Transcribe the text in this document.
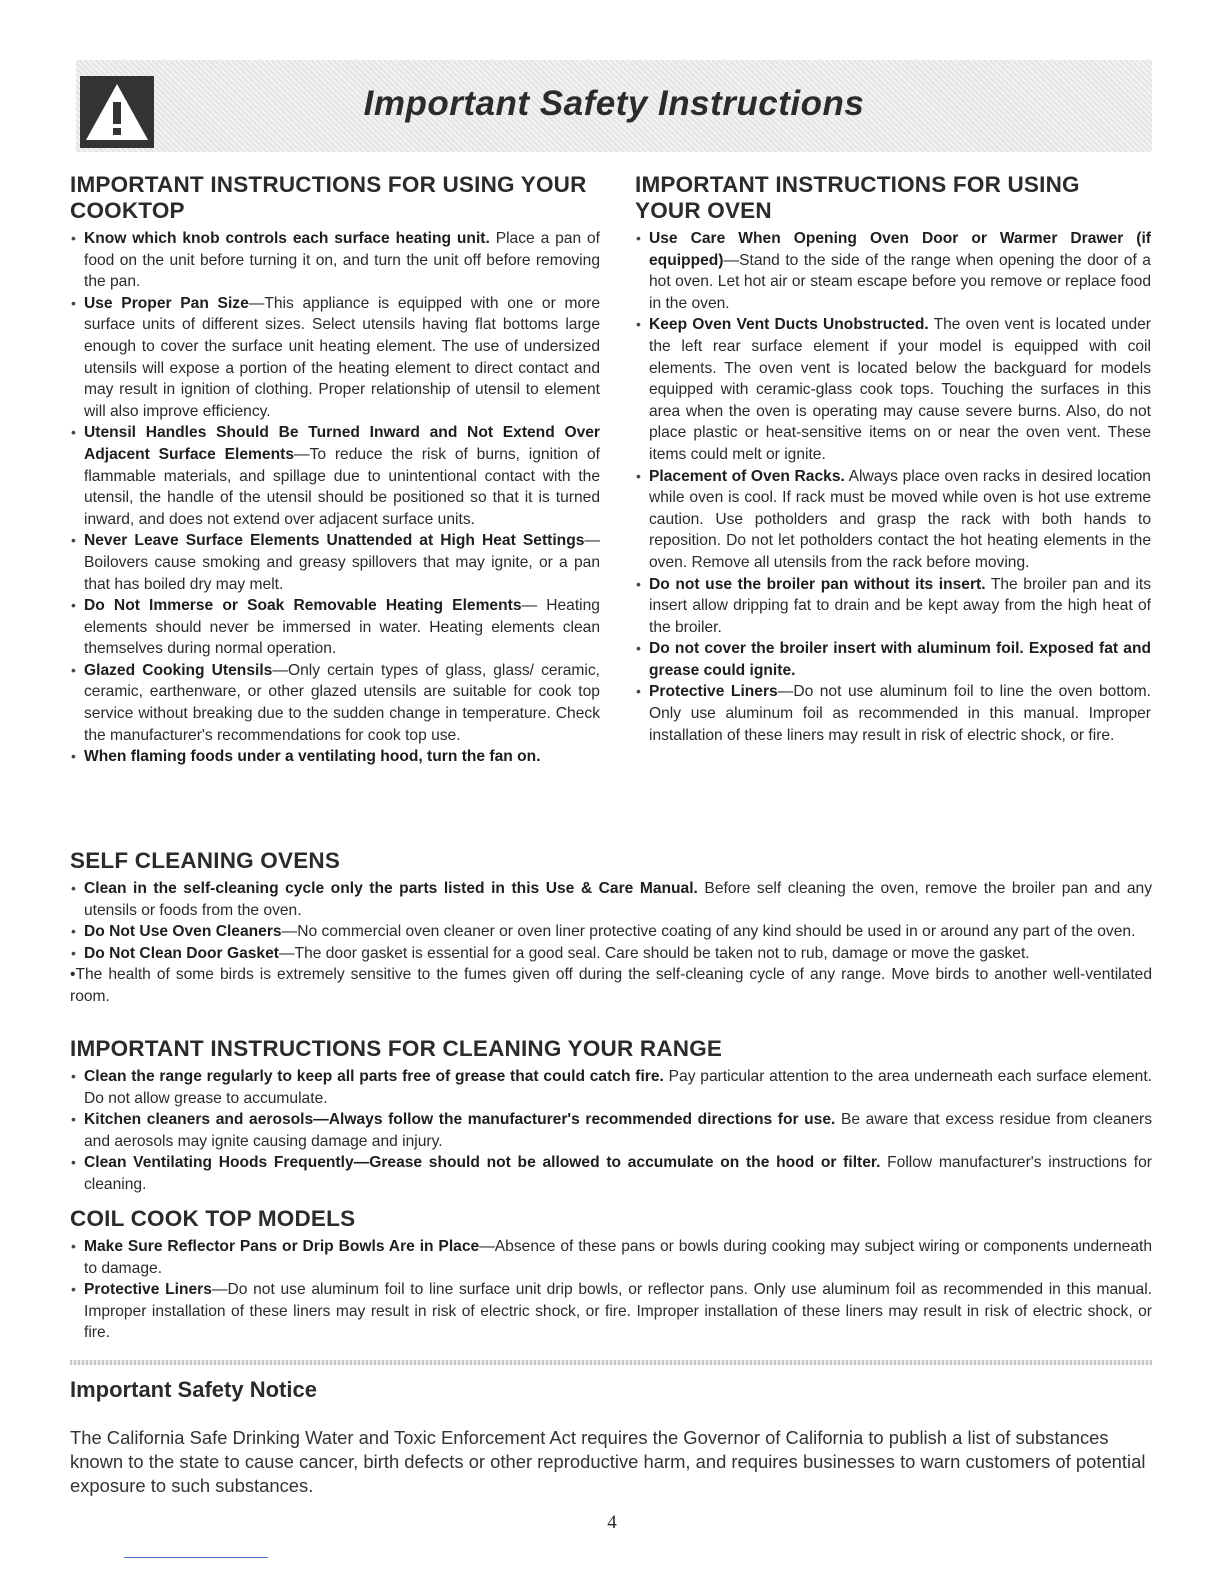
Important Safety Instructions
IMPORTANT INSTRUCTIONS FOR USING YOUR COOKTOP
• Know which knob controls each surface heating unit. Place a pan of food on the unit before turning it on, and turn the unit off before removing the pan.
• Use Proper Pan Size—This appliance is equipped with one or more surface units of different sizes. Select utensils having flat bottoms large enough to cover the surface unit heating element. The use of undersized utensils will expose a portion of the heating element to direct contact and may result in ignition of clothing. Proper relationship of utensil to element will also improve efficiency.
• Utensil Handles Should Be Turned Inward and Not Extend Over Adjacent Surface Elements—To reduce the risk of burns, ignition of flammable materials, and spillage due to unintentional contact with the utensil, the handle of the utensil should be positioned so that it is turned inward, and does not extend over adjacent surface units.
• Never Leave Surface Elements Unattended at High Heat Settings—Boilovers cause smoking and greasy spillovers that may ignite, or a pan that has boiled dry may melt.
• Do Not Immerse or Soak Removable Heating Elements— Heating elements should never be immersed in water. Heating elements clean themselves during normal operation.
• Glazed Cooking Utensils—Only certain types of glass, glass/ ceramic, ceramic, earthenware, or other glazed utensils are suitable for cook top service without breaking due to the sudden change in temperature. Check the manufacturer's recommendations for cook top use.
• When flaming foods under a ventilating hood, turn the fan on.
IMPORTANT INSTRUCTIONS FOR USING YOUR OVEN
• Use Care When Opening Oven Door or Warmer Drawer (if equipped)—Stand to the side of the range when opening the door of a hot oven. Let hot air or steam escape before you remove or replace food in the oven.
• Keep Oven Vent Ducts Unobstructed. The oven vent is located under the left rear surface element if your model is equipped with coil elements. The oven vent is located below the backguard for models equipped with ceramic-glass cook tops. Touching the surfaces in this area when the oven is operating may cause severe burns. Also, do not place plastic or heat-sensitive items on or near the oven vent. These items could melt or ignite.
• Placement of Oven Racks. Always place oven racks in desired location while oven is cool. If rack must be moved while oven is hot use extreme caution. Use potholders and grasp the rack with both hands to reposition. Do not let potholders contact the hot heating elements in the oven. Remove all utensils from the rack before moving.
• Do not use the broiler pan without its insert. The broiler pan and its insert allow dripping fat to drain and be kept away from the high heat of the broiler.
• Do not cover the broiler insert with aluminum foil. Exposed fat and grease could ignite.
• Protective Liners—Do not use aluminum foil to line the oven bottom. Only use aluminum foil as recommended in this manual. Improper installation of these liners may result in risk of electric shock, or fire.
SELF CLEANING OVENS
• Clean in the self-cleaning cycle only the parts listed in this Use & Care Manual. Before self cleaning the oven, remove the broiler pan and any utensils or foods from the oven.
• Do Not Use Oven Cleaners—No commercial oven cleaner or oven liner protective coating of any kind should be used in or around any part of the oven.
• Do Not Clean Door Gasket—The door gasket is essential for a good seal. Care should be taken not to rub, damage or move the gasket.
•The health of some birds is extremely sensitive to the fumes given off during the self-cleaning cycle of any range. Move birds to another well-ventilated room.
IMPORTANT INSTRUCTIONS FOR CLEANING YOUR RANGE
• Clean the range regularly to keep all parts free of grease that could catch fire. Pay particular attention to the area underneath each surface element. Do not allow grease to accumulate.
• Kitchen cleaners and aerosols—Always follow the manufacturer's recommended directions for use. Be aware that excess residue from cleaners and aerosols may ignite causing damage and injury.
• Clean Ventilating Hoods Frequently—Grease should not be allowed to accumulate on the hood or filter. Follow manufacturer's instructions for cleaning.
COIL COOK TOP MODELS
• Make Sure Reflector Pans or Drip Bowls Are in Place—Absence of these pans or bowls during cooking may subject wiring or components underneath to damage.
• Protective Liners—Do not use aluminum foil to line surface unit drip bowls, or reflector pans. Only use aluminum foil as recommended in this manual. Improper installation of these liners may result in risk of electric shock, or fire. Improper installation of these liners may result in risk of electric shock, or fire.
Important Safety Notice
The California Safe Drinking Water and Toxic Enforcement Act requires the Governor of California to publish a list of substances known to the state to cause cancer, birth defects or other reproductive harm, and requires businesses to warn customers of potential exposure to such substances.
4
